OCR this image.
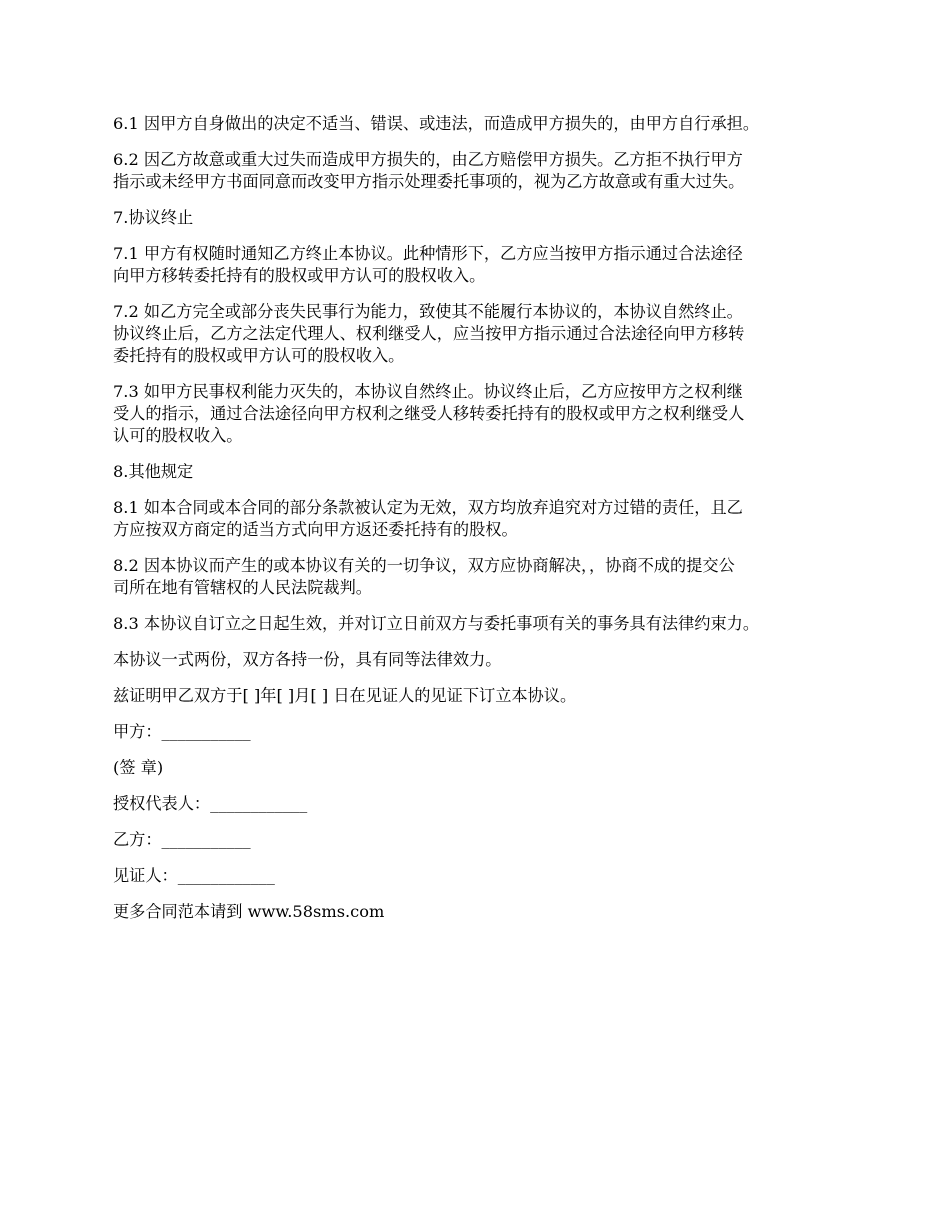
6.1 因甲方自身做出的决定不适当、错误、或违法，而造成甲方损失的，由甲方自行承担。

6.2 因乙方故意或重大过失而造成甲方损失的，由乙方赔偿甲方损失。乙方拒不执行甲方
指示或未经甲方书面同意而改变甲方指示处理委托事项的，视为乙方故意或有重大过失。

7.协议终止

7.1 甲方有权随时通知乙方终止本协议。此种情形下，乙方应当按甲方指示通过合法途径
向甲方移转委托持有的股权或甲方认可的股权收入。

7.2 如乙方完全或部分丧失民事行为能力，致使其不能履行本协议的，本协议自然终止。
协议终止后，乙方之法定代理人、权利继受人，应当按甲方指示通过合法途径向甲方移转
委托持有的股权或甲方认可的股权收入。

7.3 如甲方民事权利能力灭失的，本协议自然终止。协议终止后，乙方应按甲方之权利继
受人的指示，通过合法途径向甲方权利之继受人移转委托持有的股权或甲方之权利继受人
认可的股权收入。

8.其他规定

8.1 如本合同或本合同的部分条款被认定为无效，双方均放弃追究对方过错的责任，且乙
方应按双方商定的适当方式向甲方返还委托持有的股权。

8.2 因本协议而产生的或本协议有关的一切争议，双方应协商解决，，协商不成的提交公
司所在地有管辖权的人民法院裁判。

8.3 本协议自订立之日起生效，并对订立日前双方与委托事项有关的事务具有法律约束力。

本协议一式两份，双方各持一份，具有同等法律效力。

兹证明甲乙双方于[ ]年[ ]月[ ] 日在见证人的见证下订立本协议。

甲方：___________

(签 章)

授权代表人：____________

乙方：___________

见证人：____________

更多合同范本请到 www.58sms.com
